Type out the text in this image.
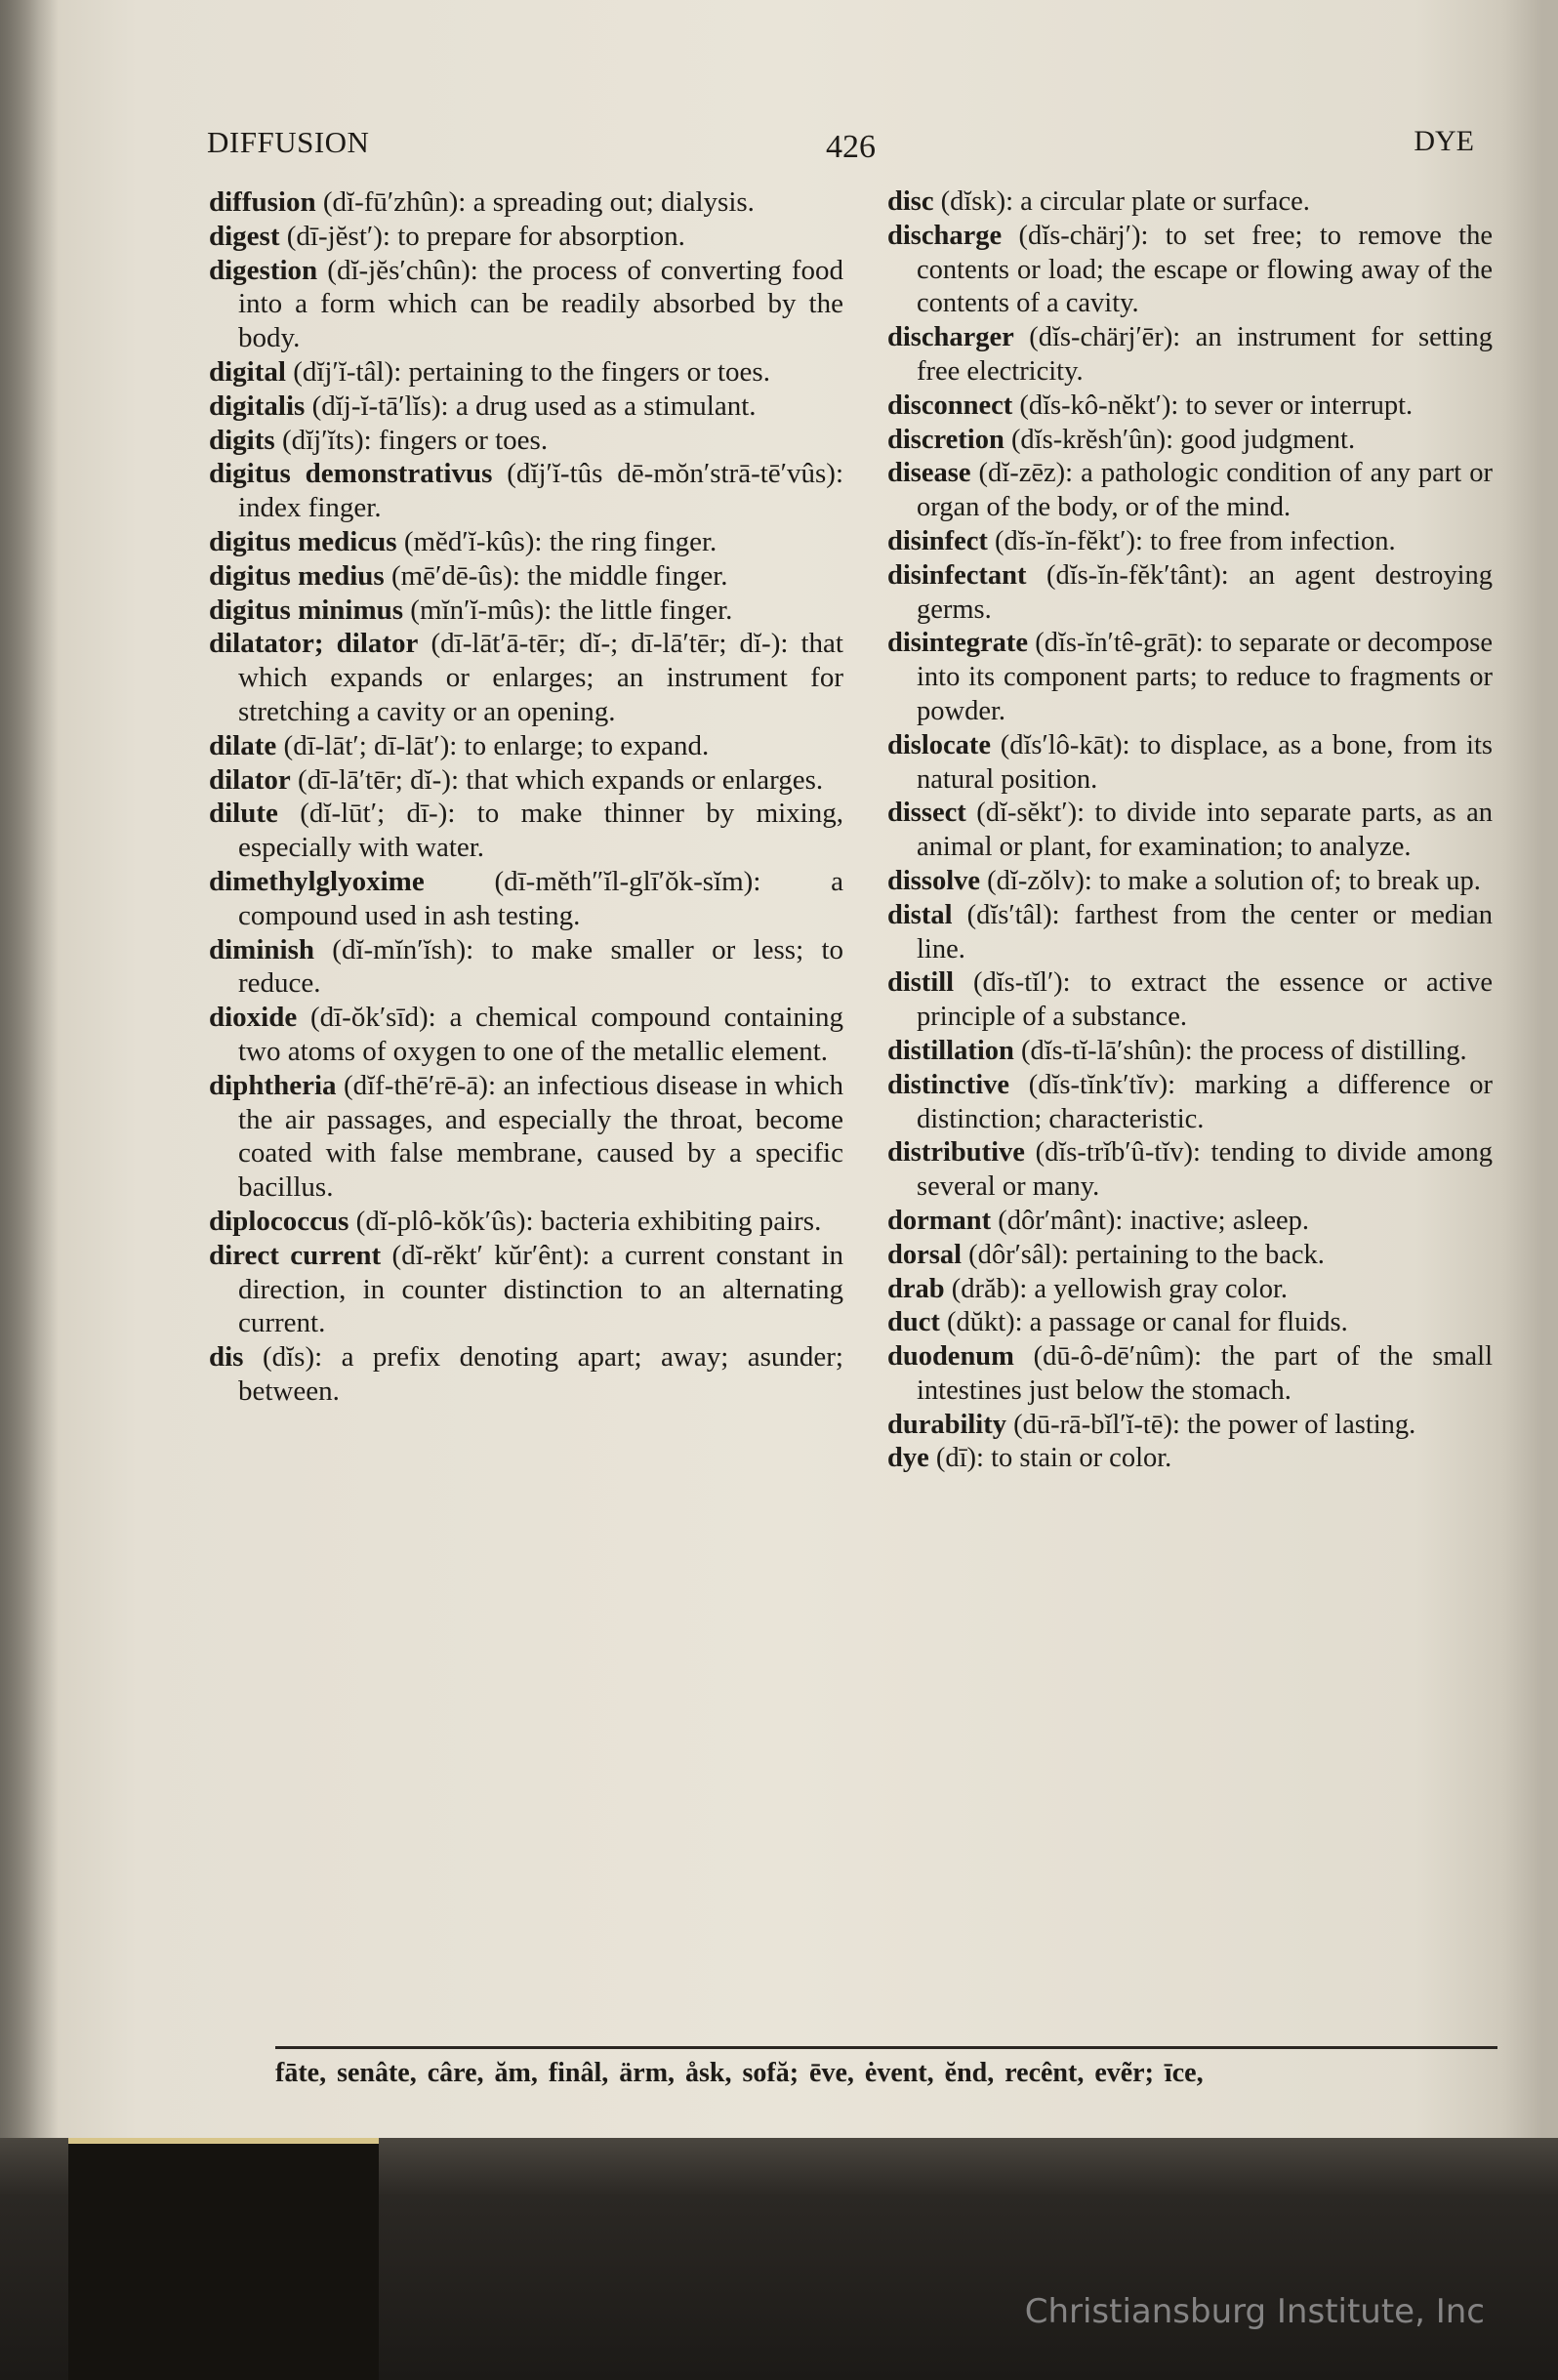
DIFFUSION	426	DYE

diffusion (dĭ-fū′zhûn): a spreading out; dialysis.

digest (dī-jĕst′): to prepare for absorption.

digestion (dĭ-jĕs′chûn): the process of converting food into a form which can be readily absorbed by the body.

digital (dĭj′ĭ-tâl): pertaining to the fingers or toes.

digitalis (dĭj-ĭ-tā′lĭs): a drug used as a stimulant.

digits (dĭj′ĭts): fingers or toes.

digitus demonstrativus (dĭj′ĭ-tûs dē-mŏn′strā-tē′vûs): index finger.

digitus medicus (mĕd′ĭ-kûs): the ring finger.

digitus medius (mē′dē-ûs): the middle finger.

digitus minimus (mĭn′ĭ-mûs): the little finger.

dilatator; dilator (dī-lāt′ā-tēr; dĭ-; dī-lā′tēr; dĭ-): that which expands or enlarges; an instrument for stretching a cavity or an opening.

dilate (dī-lāt′; dī-lāt′): to enlarge; to expand.

dilator (dī-lā′tēr; dĭ-): that which expands or enlarges.

dilute (dĭ-lūt′; dī-): to make thinner by mixing, especially with water.

dimethylglyoxime (dī-mĕth″ĭl-glī′ŏk-sĭm): a compound used in ash testing.

diminish (dĭ-mĭn′ĭsh): to make smaller or less; to reduce.

dioxide (dī-ŏk′sīd): a chemical compound containing two atoms of oxygen to one of the metallic element.

diphtheria (dĭf-thē′rē-ā): an infectious disease in which the air passages, and especially the throat, become coated with false membrane, caused by a specific bacillus.

diplococcus (dĭ-plô-kŏk′ûs): bacteria exhibiting pairs.

direct current (dĭ-rĕkt′ kŭr′ênt): a current constant in direction, in counter distinction to an alternating current.

dis (dĭs): a prefix denoting apart; away; asunder; between.

disc (dĭsk): a circular plate or surface.

discharge (dĭs-chärj′): to set free; to remove the contents or load; the escape or flowing away of the contents of a cavity.

discharger (dĭs-chärj′ēr): an instrument for setting free electricity.

disconnect (dĭs-kô-nĕkt′): to sever or interrupt.

discretion (dĭs-krĕsh′ûn): good judgment.

disease (dĭ-zēz): a pathologic condition of any part or organ of the body, or of the mind.

disinfect (dĭs-ĭn-fĕkt′): to free from infection.

disinfectant (dĭs-ĭn-fĕk′tânt): an agent destroying germs.

disintegrate (dĭs-ĭn′tê-grāt): to separate or decompose into its component parts; to reduce to fragments or powder.

dislocate (dĭs′lô-kāt): to displace, as a bone, from its natural position.

dissect (dĭ-sĕkt′): to divide into separate parts, as an animal or plant, for examination; to analyze.

dissolve (dĭ-zŏlv): to make a solution of; to break up.

distal (dĭs′tâl): farthest from the center or median line.

distill (dĭs-tĭl′): to extract the essence or active principle of a substance.

distillation (dĭs-tĭ-lā′shûn): the process of distilling.

distinctive (dĭs-tĭnk′tĭv): marking a difference or distinction; characteristic.

distributive (dĭs-trĭb′û-tĭv): tending to divide among several or many.

dormant (dôr′mânt): inactive; asleep.

dorsal (dôr′sâl): pertaining to the back.

drab (drăb): a yellowish gray color.

duct (dŭkt): a passage or canal for fluids.

duodenum (dū-ô-dē′nûm): the part of the small intestines just below the stomach.

durability (dū-rā-bĭl′ĭ-tē): the power of lasting.

dye (dī): to stain or color.

fāte, senâte, câre, ăm, finâl, ärm, åsk, sofă; ēve, ėvent, ĕnd, recênt, evẽr; īce,
Christiansburg Institute, Inc
